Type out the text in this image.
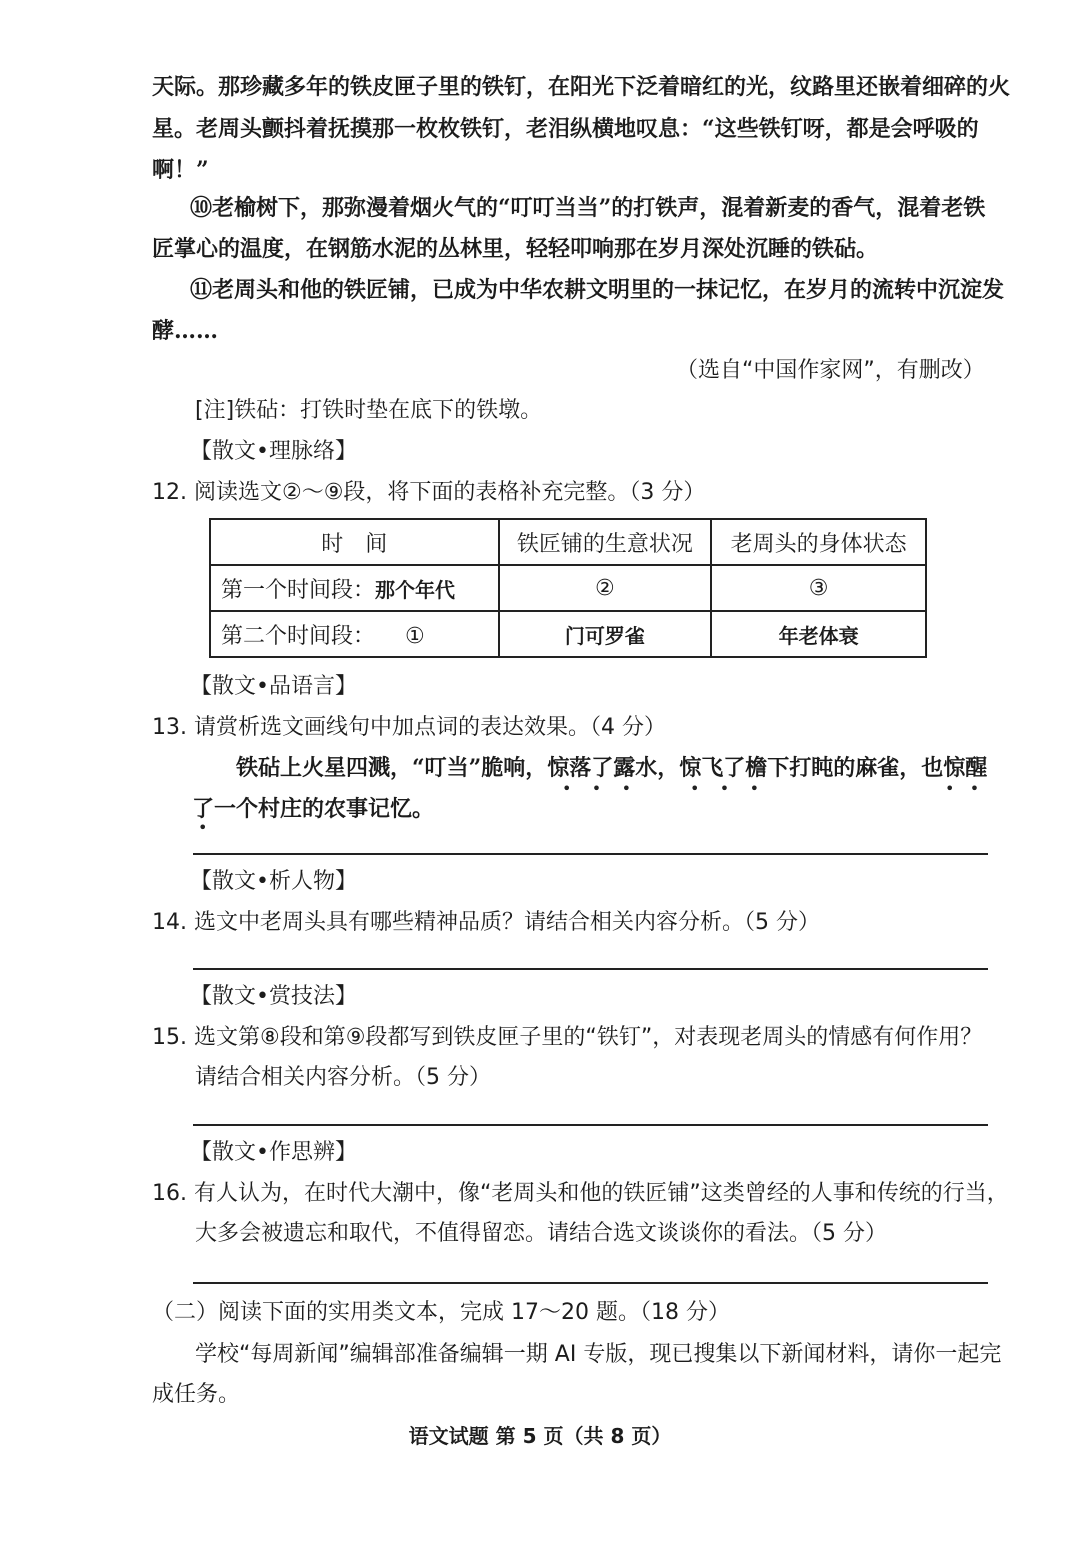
天际。那珍藏多年的铁皮匣子里的铁钉，在阳光下泛着暗红的光，纹路里还嵌着细碎的火
星。老周头颤抖着抚摸那一枚枚铁钉，老泪纵横地叹息：“这些铁钉呀，都是会呼吸的
啊！”
⑩老榆树下，那弥漫着烟火气的“叮叮当当”的打铁声，混着新麦的香气，混着老铁
匠掌心的温度，在钢筋水泥的丛林里，轻轻叩响那在岁月深处沉睡的铁砧。
⑪老周头和他的铁匠铺，已成为中华农耕文明里的一抹记忆，在岁月的流转中沉淀发
酵……
（选自“中国作家网”，有删改）
[注]铁砧：打铁时垫在底下的铁墩。
【散文•理脉络】
12. 阅读选文②～⑨段，将下面的表格补充完整。（3 分）
时　间	铁匠铺的生意状况	老周头的身体状态
第一个时间段：那个年代	②	③
第二个时间段： ①	门可罗雀	年老体衰
【散文•品语言】
13. 请赏析选文画线句中加点词的表达效果。（4 分）
铁砧上火星四溅，“叮当”脆响，惊落了露水，惊飞了檐下打盹的麻雀，也惊醒
了一个村庄的农事记忆。
•    •    •	•    •    •	•   •
•
【散文•析人物】
14. 选文中老周头具有哪些精神品质？请结合相关内容分析。（5 分）
【散文•赏技法】
15. 选文第⑧段和第⑨段都写到铁皮匣子里的“铁钉”，对表现老周头的情感有何作用？
请结合相关内容分析。（5 分）
【散文•作思辨】
16. 有人认为，在时代大潮中，像“老周头和他的铁匠铺”这类曾经的人事和传统的行当，
大多会被遗忘和取代，不值得留恋。请结合选文谈谈你的看法。（5 分）
（二）阅读下面的实用类文本，完成 17～20 题。（18 分）
学校“每周新闻”编辑部准备编辑一期 AI 专版，现已搜集以下新闻材料，请你一起完
成任务。
语文试题 第 5 页（共 8 页）
